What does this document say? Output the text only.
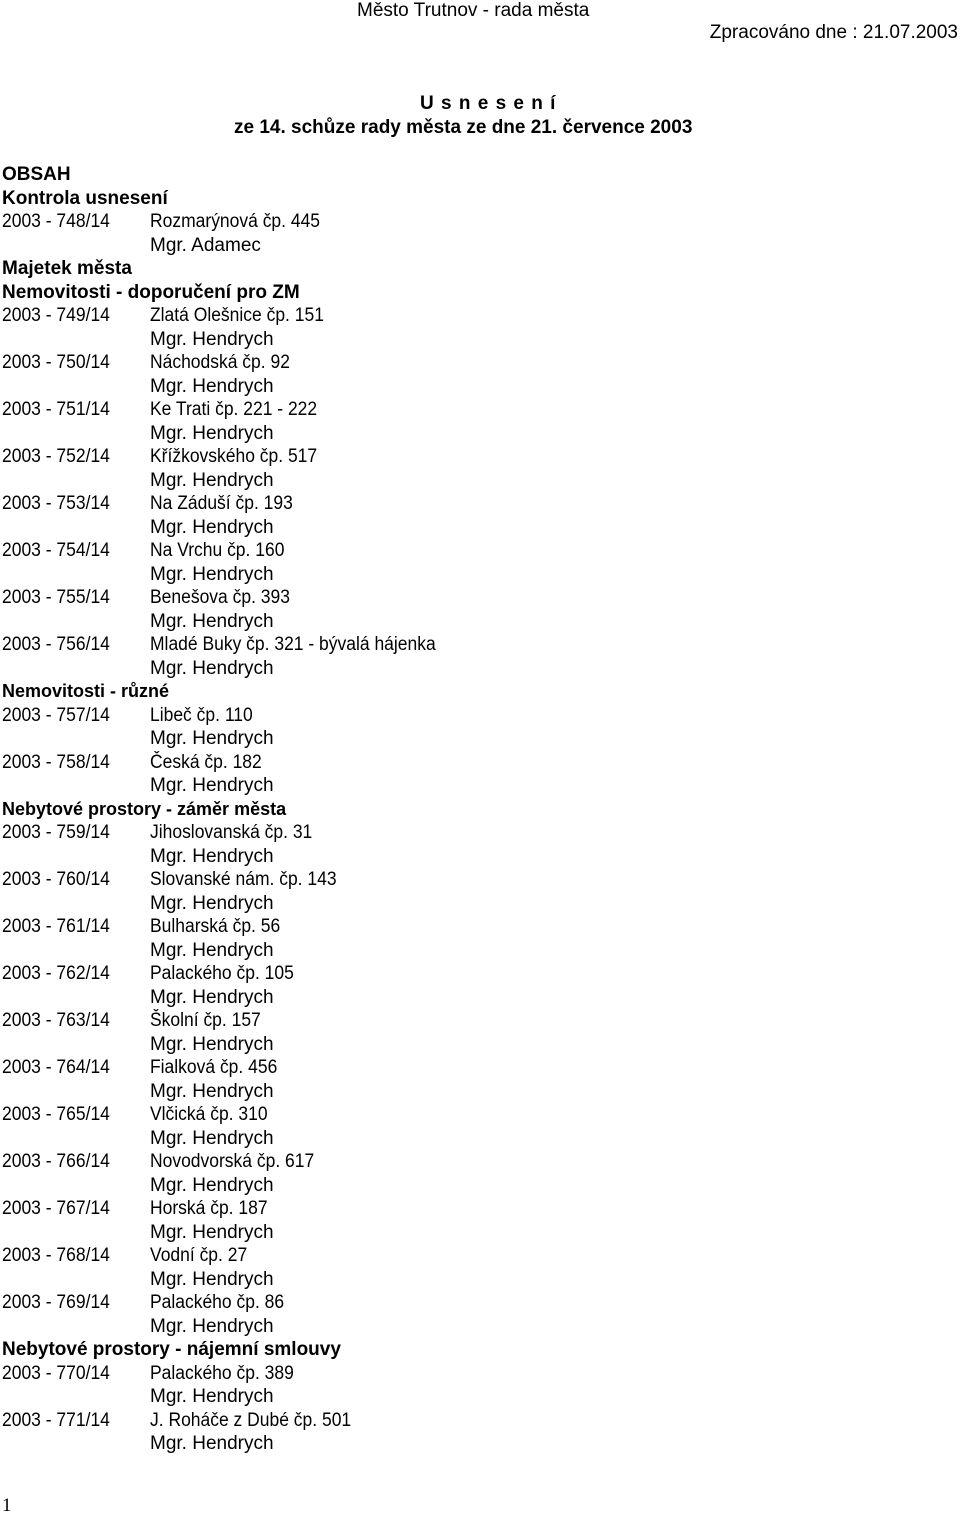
Město Trutnov - rada města
Zpracováno dne : 21.07.2003
U s n e s e n í
ze 14. schůze rady města ze dne 21. července 2003
OBSAH
Kontrola usnesení
2003 - 748/14	Rozmarýnová čp. 445
Mgr. Adamec
Majetek města
Nemovitosti - doporučení pro ZM
2003 - 749/14	Zlatá Olešnice čp. 151
Mgr. Hendrych
2003 - 750/14	Náchodská čp. 92
Mgr. Hendrych
2003 - 751/14	Ke Trati čp. 221 - 222
Mgr. Hendrych
2003 - 752/14	Křížkovského čp. 517
Mgr. Hendrych
2003 - 753/14	Na Záduší čp. 193
Mgr. Hendrych
2003 - 754/14	Na Vrchu čp. 160
Mgr. Hendrych
2003 - 755/14	Benešova čp. 393
Mgr. Hendrych
2003 - 756/14	Mladé Buky čp. 321 - bývalá hájenka
Mgr. Hendrych
Nemovitosti - různé
2003 - 757/14	Libeč čp. 110
Mgr. Hendrych
2003 - 758/14	Česká čp. 182
Mgr. Hendrych
Nebytové prostory - záměr města
2003 - 759/14	Jihoslovanská čp. 31
Mgr. Hendrych
2003 - 760/14	Slovanské nám. čp. 143
Mgr. Hendrych
2003 - 761/14	Bulharská čp. 56
Mgr. Hendrych
2003 - 762/14	Palackého čp. 105
Mgr. Hendrych
2003 - 763/14	Školní čp. 157
Mgr. Hendrych
2003 - 764/14	Fialková čp. 456
Mgr. Hendrych
2003 - 765/14	Vlčická čp. 310
Mgr. Hendrych
2003 - 766/14	Novodvorská čp. 617
Mgr. Hendrych
2003 - 767/14	Horská čp. 187
Mgr. Hendrych
2003 - 768/14	Vodní čp. 27
Mgr. Hendrych
2003 - 769/14	Palackého čp. 86
Mgr. Hendrych
Nebytové prostory - nájemní smlouvy
2003 - 770/14	Palackého čp. 389
Mgr. Hendrych
2003 - 771/14	J. Roháče z Dubé čp. 501
Mgr. Hendrych
1
